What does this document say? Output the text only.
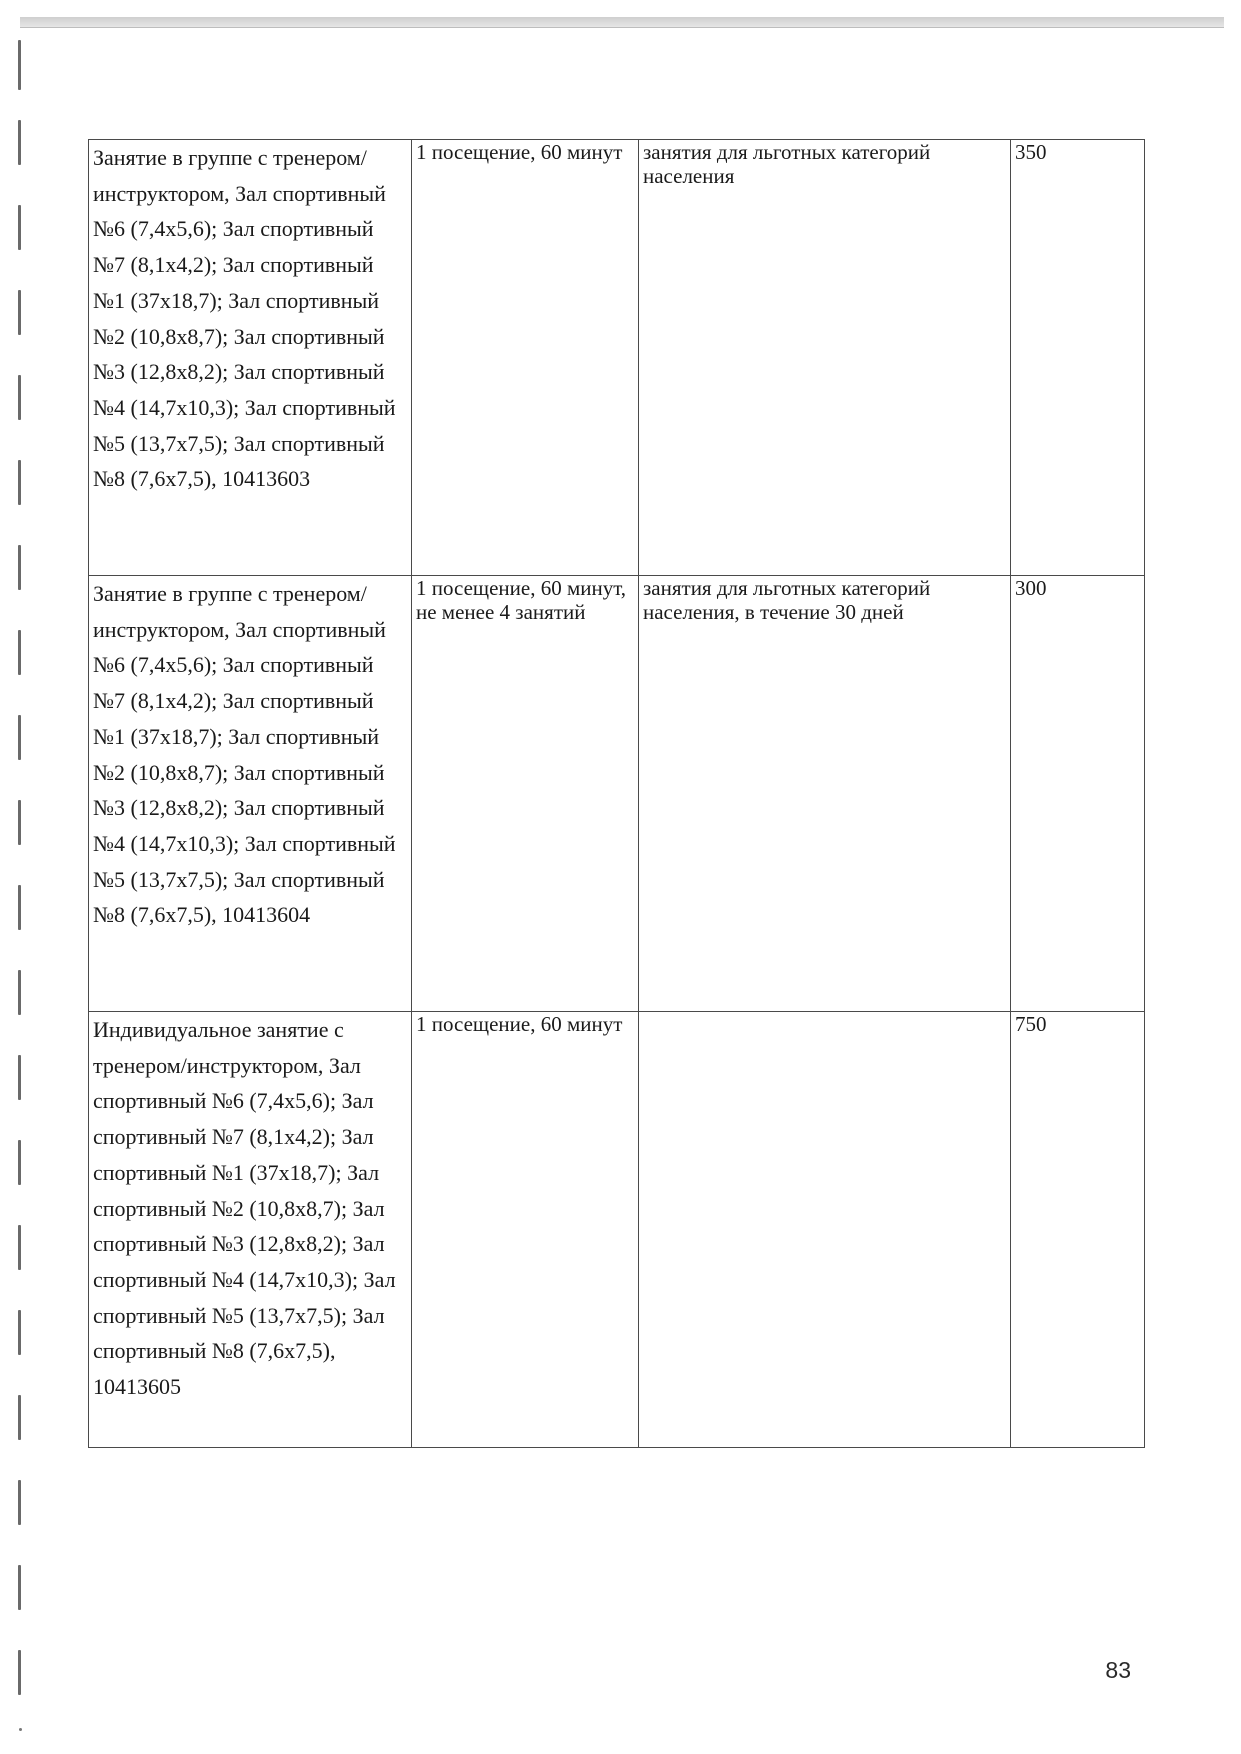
Занятие в группе с тренером/инструктором, Зал спортивный №6 (7,4х5,6); Зал спортивный №7 (8,1х4,2); Зал спортивный №1 (37х18,7); Зал спортивный №2 (10,8х8,7); Зал спортивный №3 (12,8х8,2); Зал спортивный №4 (14,7х10,3); Зал спортивный №5 (13,7х7,5); Зал спортивный №8 (7,6х7,5), 10413603	1 посещение, 60 минут	занятия для льготных категорий населения	350
Занятие в группе с тренером/инструктором, Зал спортивный №6 (7,4х5,6); Зал спортивный №7 (8,1х4,2); Зал спортивный №1 (37х18,7); Зал спортивный №2 (10,8х8,7); Зал спортивный №3 (12,8х8,2); Зал спортивный №4 (14,7х10,3); Зал спортивный №5 (13,7х7,5); Зал спортивный №8 (7,6х7,5), 10413604	1 посещение, 60 минут, не менее 4 занятий	занятия для льготных категорий населения, в течение 30 дней	300
Индивидуальное занятие с тренером/инструктором, Зал спортивный №6 (7,4х5,6); Зал спортивный №7 (8,1х4,2); Зал спортивный №1 (37х18,7); Зал спортивный №2 (10,8х8,7); Зал спортивный №3 (12,8х8,2); Зал спортивный №4 (14,7х10,3); Зал спортивный №5 (13,7х7,5); Зал спортивный №8 (7,6х7,5), 10413605	1 посещение, 60 минут		750
83
